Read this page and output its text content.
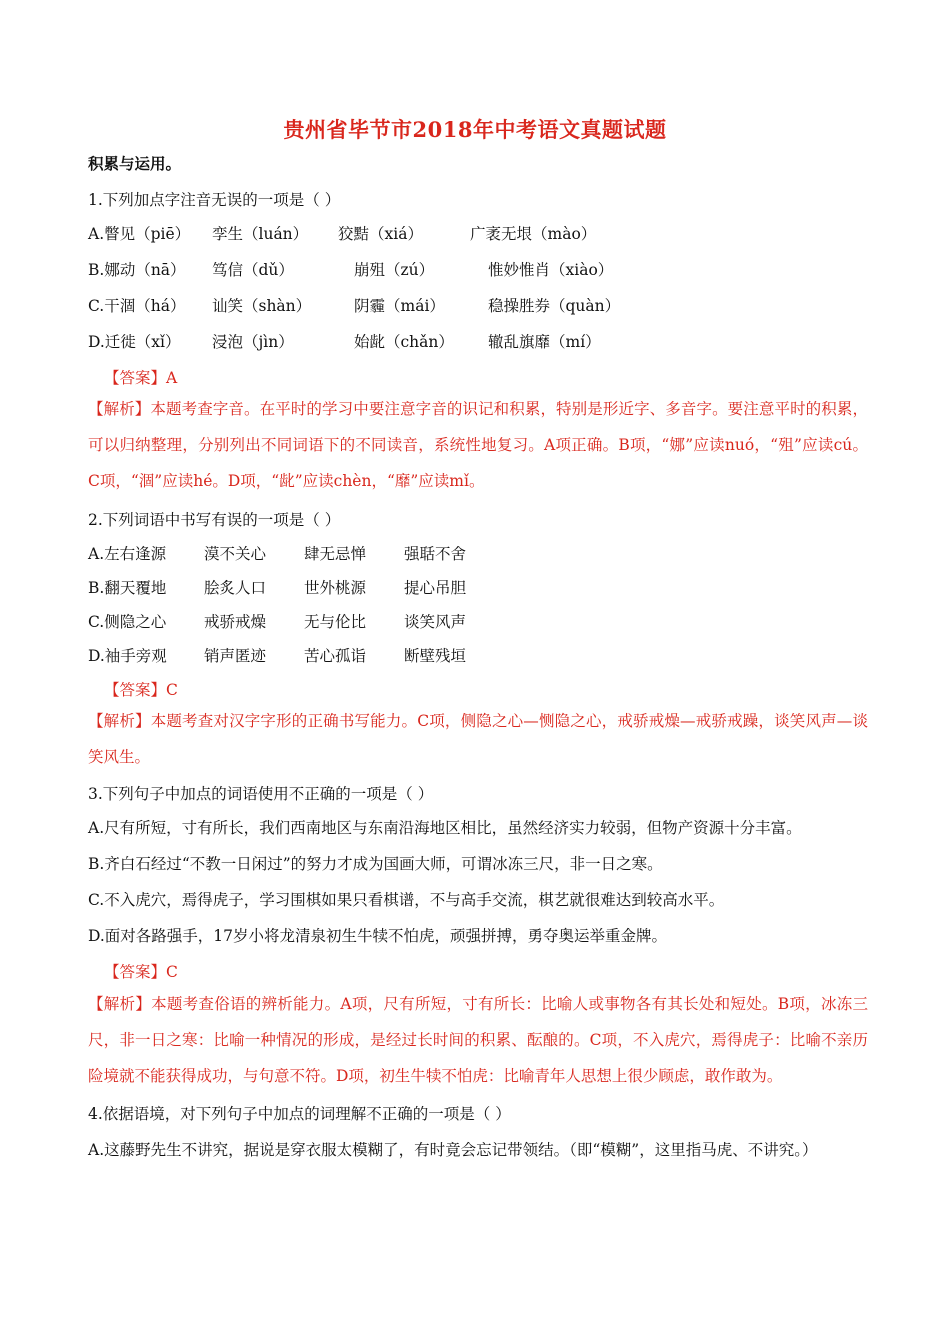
贵州省毕节市2018年中考语文真题试题
积累与运用。
1.下列加点字注音无误的一项是（ ）
A.瞥见（piē） 孪生（luán） 狡黠（xiá）	广袤无垠（mào）
B.娜动（nā） 笃信（dǔ）	崩殂（zú）	惟妙惟肖（xiào）
C.干涸（há） 讪笑（shàn）	阴霾（mái）	稳操胜券（quàn）
D.迁徙（xǐ） 浸泡（jìn）	始龀（chǎn） 辙乱旗靡（mí）
【答案】A
【解析】本题考查字音。在平时的学习中要注意字音的识记和积累，特别是形近字、多音字。要注意平时的积累，可以归纳整理，分别列出不同词语下的不同读音，系统性地复习。A项正确。B项，“娜”应读nuó，“殂”应读cú。C项，“涸”应读hé。D项，“龀”应读chèn，“靡”应读mǐ。
2.下列词语中书写有误的一项是（ ）
A.左右逢源 漠不关心 肆无忌惮 强聒不舍
B.翻天覆地 脍炙人口 世外桃源 提心吊胆
C.侧隐之心 戒骄戒燥 无与伦比 谈笑风声
D.袖手旁观 销声匿迹 苦心孤诣 断壁残垣
【答案】C
【解析】本题考查对汉字字形的正确书写能力。C项，侧隐之心—恻隐之心，戒骄戒燥—戒骄戒躁，谈笑风声—谈笑风生。
3.下列句子中加点的词语使用不正确的一项是（ ）
A.尺有所短，寸有所长，我们西南地区与东南沿海地区相比，虽然经济实力较弱，但物产资源十分丰富。
B.齐白石经过“不教一日闲过”的努力才成为国画大师，可谓冰冻三尺，非一日之寒。
C.不入虎穴，焉得虎子，学习围棋如果只看棋谱，不与高手交流，棋艺就很难达到较高水平。
D.面对各路强手，17岁小将龙清泉初生牛犊不怕虎，顽强拼搏，勇夺奥运举重金牌。
【答案】C
【解析】本题考查俗语的辨析能力。A项，尺有所短，寸有所长：比喻人或事物各有其长处和短处。B项，冰冻三尺，非一日之寒：比喻一种情况的形成，是经过长时间的积累、酝酿的。C项，不入虎穴，焉得虎子：比喻不亲历险境就不能获得成功，与句意不符。D项，初生牛犊不怕虎：比喻青年人思想上很少顾虑，敢作敢为。
4.依据语境，对下列句子中加点的词理解不正确的一项是（ ）
A.这藤野先生不讲究，据说是穿衣服太模糊了，有时竟会忘记带领结。（即“模糊”，这里指马虎、不讲究。）
